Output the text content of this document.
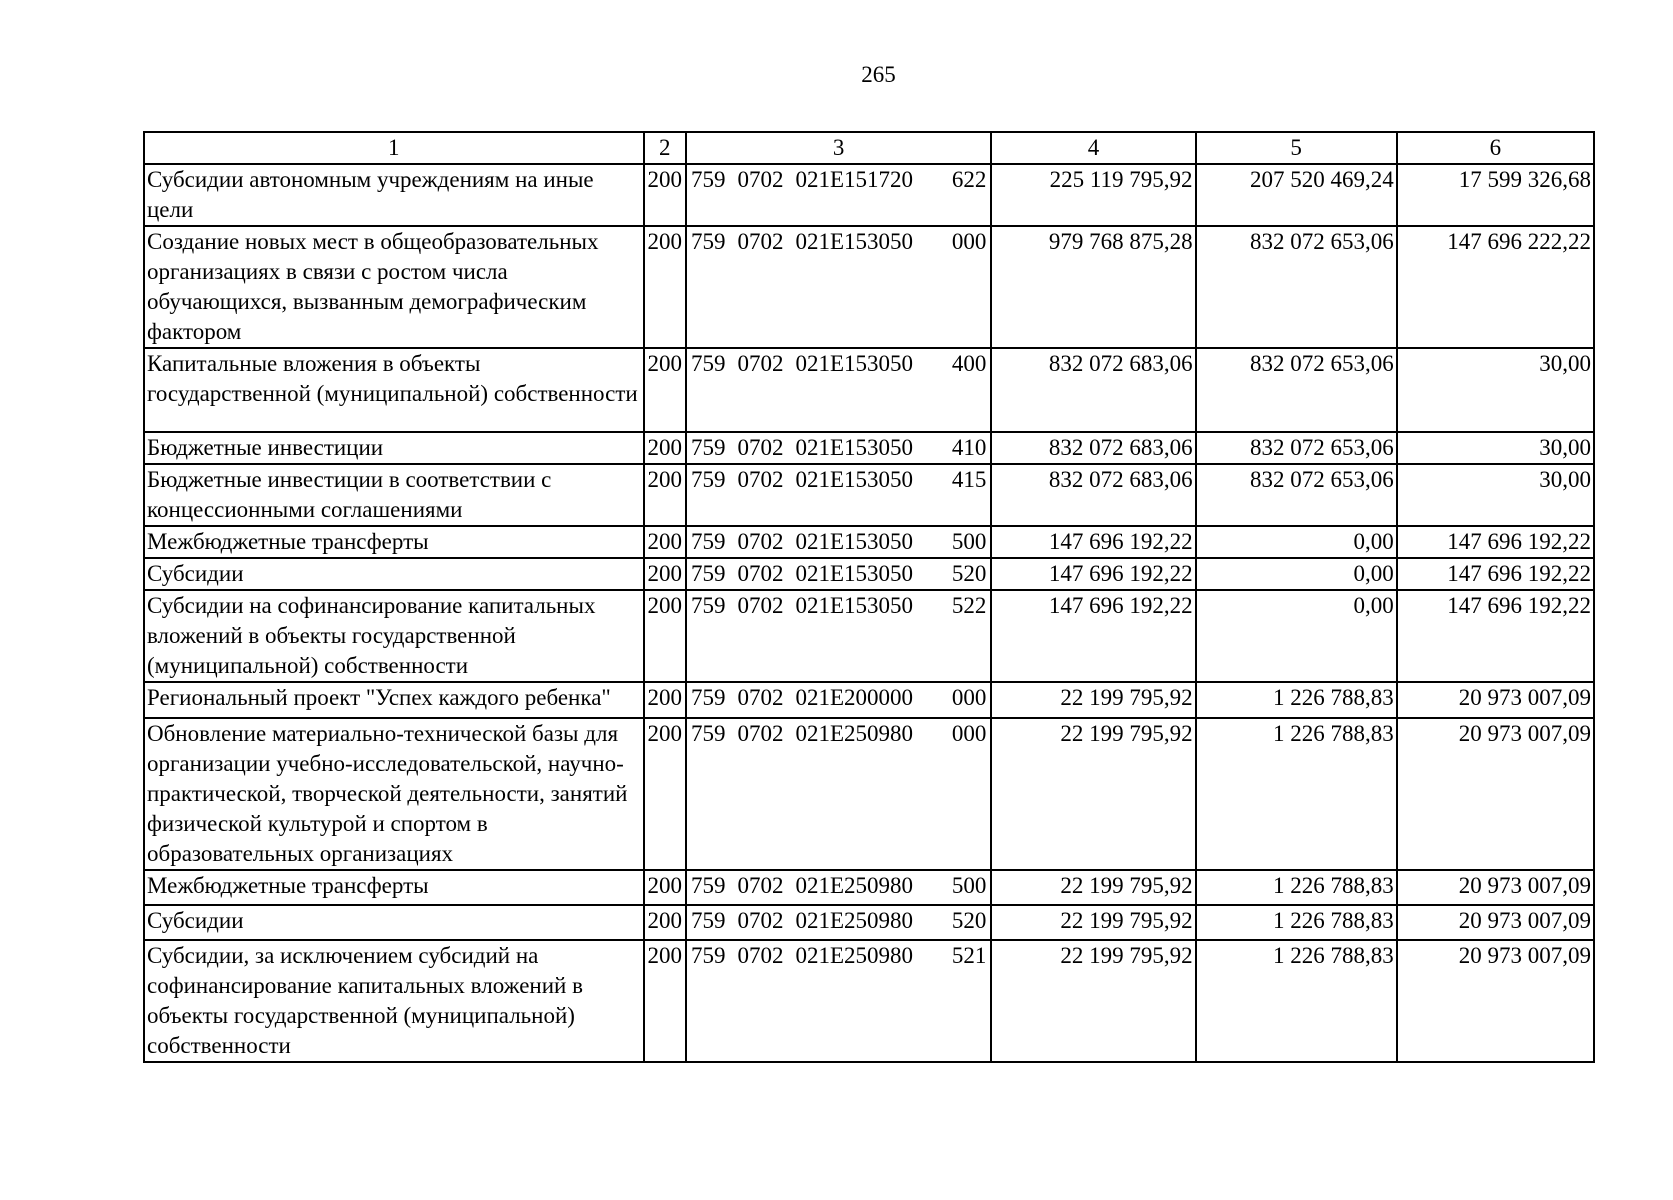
265
1	2	3	4	5	6
Субсидии автономным учреждениям на иные цели	200	759 0702 021E151720 622	225 119 795,92	207 520 469,24	17 599 326,68
Создание новых мест в общеобразовательных организациях в связи с ростом числа обучающихся, вызванным демографическим фактором	200	759 0702 021E153050 000	979 768 875,28	832 072 653,06	147 696 222,22
Капитальные вложения в объекты государственной (муниципальной) собственности	200	759 0702 021E153050 400	832 072 683,06	832 072 653,06	30,00
Бюджетные инвестиции	200	759 0702 021E153050 410	832 072 683,06	832 072 653,06	30,00
Бюджетные инвестиции в соответствии с концессионными соглашениями	200	759 0702 021E153050 415	832 072 683,06	832 072 653,06	30,00
Межбюджетные трансферты	200	759 0702 021E153050 500	147 696 192,22	0,00	147 696 192,22
Субсидии	200	759 0702 021E153050 520	147 696 192,22	0,00	147 696 192,22
Субсидии на софинансирование капитальных вложений в объекты государственной (муниципальной) собственности	200	759 0702 021E153050 522	147 696 192,22	0,00	147 696 192,22
Региональный проект "Успех каждого ребенка"	200	759 0702 021E200000 000	22 199 795,92	1 226 788,83	20 973 007,09
Обновление материально-технической базы для организации учебно-исследовательской, научно-практической, творческой деятельности, занятий физической культурой и спортом в образовательных организациях	200	759 0702 021E250980 000	22 199 795,92	1 226 788,83	20 973 007,09
Межбюджетные трансферты	200	759 0702 021E250980 500	22 199 795,92	1 226 788,83	20 973 007,09
Субсидии	200	759 0702 021E250980 520	22 199 795,92	1 226 788,83	20 973 007,09
Субсидии, за исключением субсидий на софинансирование капитальных вложений в объекты государственной (муниципальной) собственности	200	759 0702 021E250980 521	22 199 795,92	1 226 788,83	20 973 007,09
